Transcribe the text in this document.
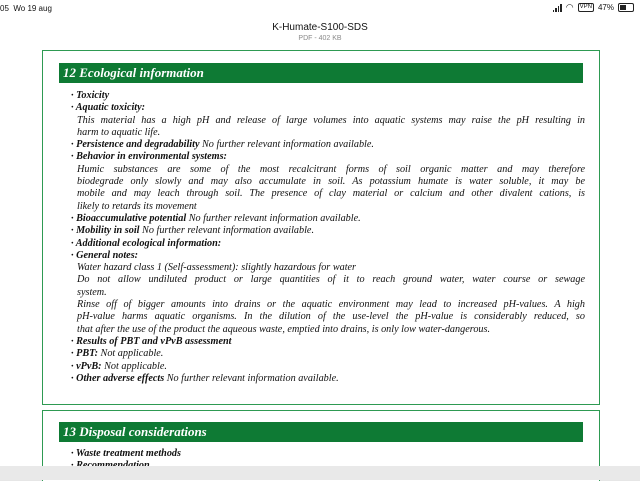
05 Wo 19 aug	◠	VPN 47%
K-Humate-S100-SDS
PDF - 402 KB
12 Ecological information
· Toxicity
· Aquatic toxicity:
This material has a high pH and release of large volumes into aquatic systems may raise the pH resulting in
harm to aquatic life.
· Persistence and degradability No further relevant information available.
· Behavior in environmental systems:
Humic substances are some of the most recalcitrant forms of soil organic matter and may therefore
biodegrade only slowly and may also accumulate in soil. As potassium humate is water soluble, it may be
mobile and may leach through soil. The presence of clay material or calcium and other divalent cations, is
likely to retards its movement
· Bioaccumulative potential No further relevant information available.
· Mobility in soil No further relevant information available.
· Additional ecological information:
· General notes:
Water hazard class 1 (Self-assessment): slightly hazardous for water
Do not allow undiluted product or large quantities of it to reach ground water, water course or sewage
system.
Rinse off of bigger amounts into drains or the aquatic environment may lead to increased pH-values. A high
pH-value harms aquatic organisms. In the dilution of the use-level the pH-value is considerably reduced, so
that after the use of the product the aqueous waste, emptied into drains, is only low water-dangerous.
· Results of PBT and vPvB assessment
· PBT: Not applicable.
· vPvB: Not applicable.
· Other adverse effects No further relevant information available.
13 Disposal considerations
· Waste treatment methods
